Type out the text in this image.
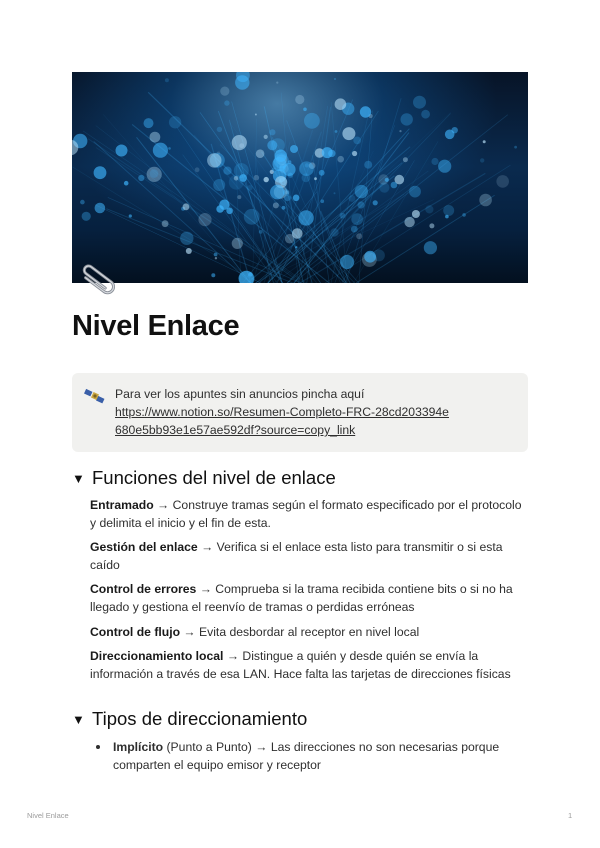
Nivel Enlace
Para ver los apuntes sin anuncios pincha aquí
https://www.notion.so/Resumen-Completo-FRC-28cd203394e680e5bb93e1e57ae592df?source=copy_link
▼ Funciones del nivel de enlace

Entramado → Construye tramas según el formato especificado por el protocolo y delimita el inicio y el fin de esta.

Gestión del enlace → Verifica si el enlace esta listo para transmitir o si esta caído

Control de errores → Comprueba si la trama recibida contiene bits o si no ha llegado y gestiona el reenvío de tramas o perdidas erróneas

Control de flujo → Evita desbordar al receptor en nivel local

Direccionamiento local → Distingue a quién y desde quién se envía la información a través de esa LAN. Hace falta las tarjetas de direcciones físicas

▼ Tipos de direccionamiento

Implícito (Punto a Punto) → Las direcciones no son necesarias porque comparten el equipo emisor y receptor

Nivel Enlace	1
